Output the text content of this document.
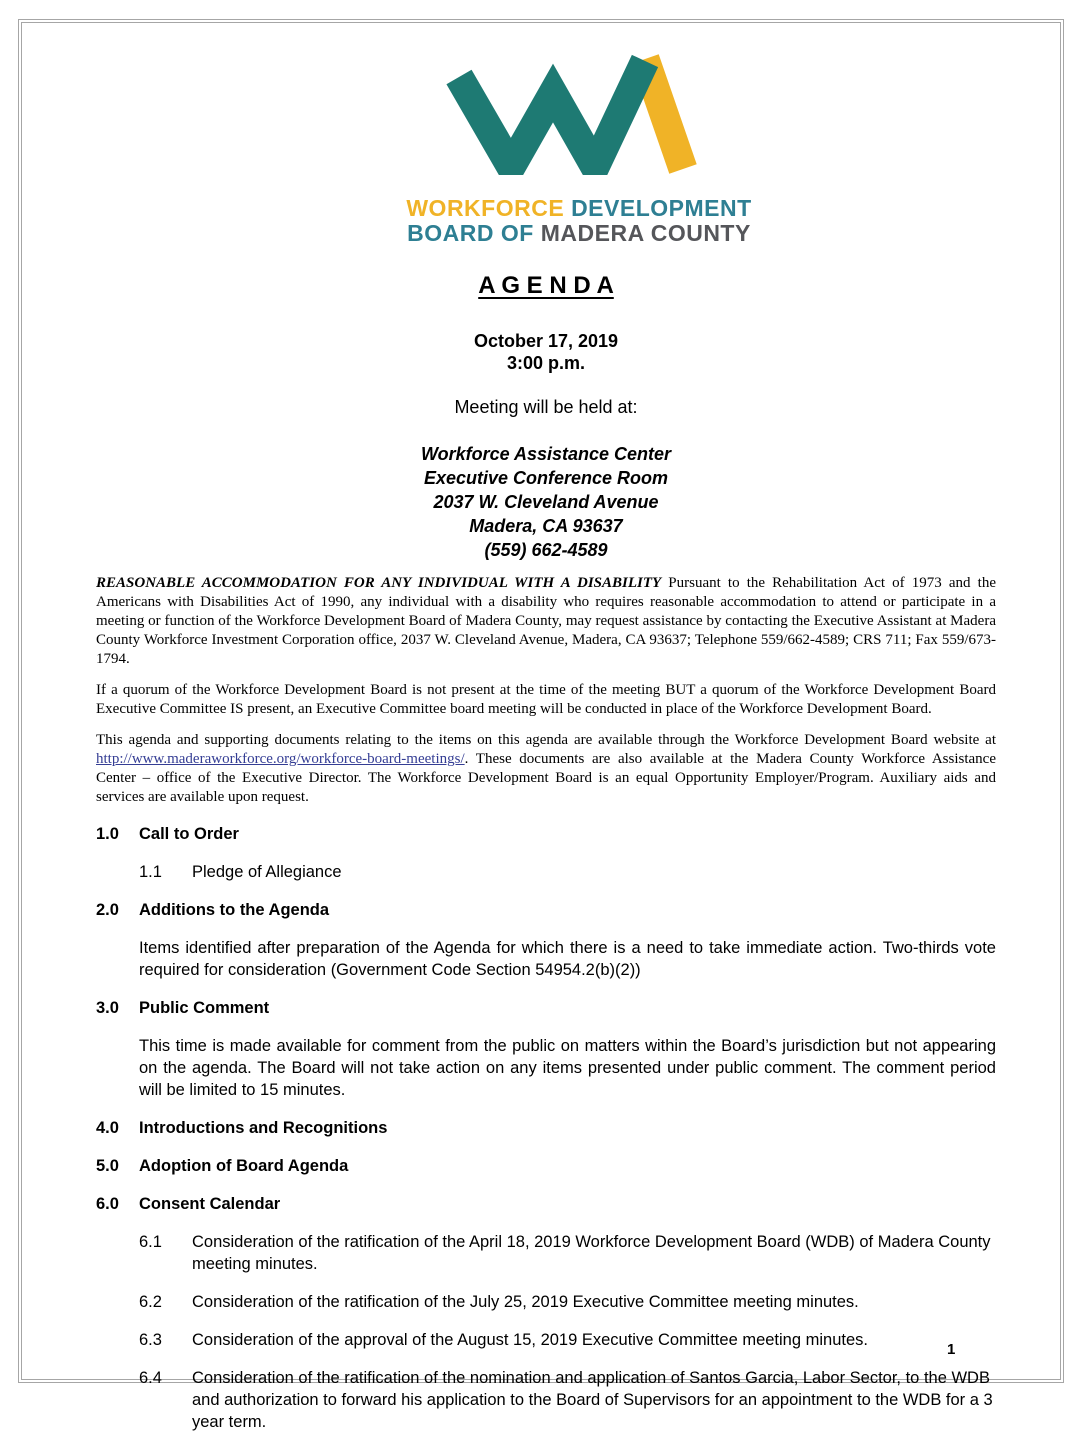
WORKFORCE DEVELOPMENT
BOARD OF MADERA COUNTY
A G E N D A
October 17, 2019
3:00 p.m.
Meeting will be held at:
Workforce Assistance Center
Executive Conference Room
2037 W. Cleveland Avenue
Madera, CA 93637
(559) 662-4589

REASONABLE ACCOMMODATION FOR ANY INDIVIDUAL WITH A DISABILITY Pursuant to the Rehabilitation Act of 1973 and the Americans with Disabilities Act of 1990, any individual with a disability who requires reasonable accommodation to attend or participate in a meeting or function of the Workforce Development Board of Madera County, may request assistance by contacting the Executive Assistant at Madera County Workforce Investment Corporation office, 2037 W. Cleveland Avenue, Madera, CA 93637; Telephone 559/662-4589; CRS 711; Fax 559/673-1794.

If a quorum of the Workforce Development Board is not present at the time of the meeting BUT a quorum of the Workforce Development Board Executive Committee IS present, an Executive Committee board meeting will be conducted in place of the Workforce Development Board.

This agenda and supporting documents relating to the items on this agenda are available through the Workforce Development Board website at http://www.maderaworkforce.org/workforce-board-meetings/. These documents are also available at the Madera County Workforce Assistance Center – office of the Executive Director. The Workforce Development Board is an equal Opportunity Employer/Program. Auxiliary aids and services are available upon request.

1.0	Call to Order
1.1	Pledge of Allegiance
2.0	Additions to the Agenda

Items identified after preparation of the Agenda for which there is a need to take immediate action. Two-thirds vote required for consideration (Government Code Section 54954.2(b)(2))

3.0	Public Comment

This time is made available for comment from the public on matters within the Board’s jurisdiction but not appearing on the agenda. The Board will not take action on any items presented under public comment. The comment period will be limited to 15 minutes.

4.0	Introductions and Recognitions
5.0	Adoption of Board Agenda
6.0	Consent Calendar
6.1	Consideration of the ratification of the April 18, 2019 Workforce Development Board (WDB) of Madera County meeting minutes.
6.2	Consideration of the ratification of the July 25, 2019 Executive Committee meeting minutes.
6.3	Consideration of the approval of the August 15, 2019 Executive Committee meeting minutes.
6.4	Consideration of the ratification of the nomination and application of Santos Garcia, Labor Sector, to the WDB and authorization to forward his application to the Board of Supervisors for an appointment to the WDB for a 3 year term.
1
